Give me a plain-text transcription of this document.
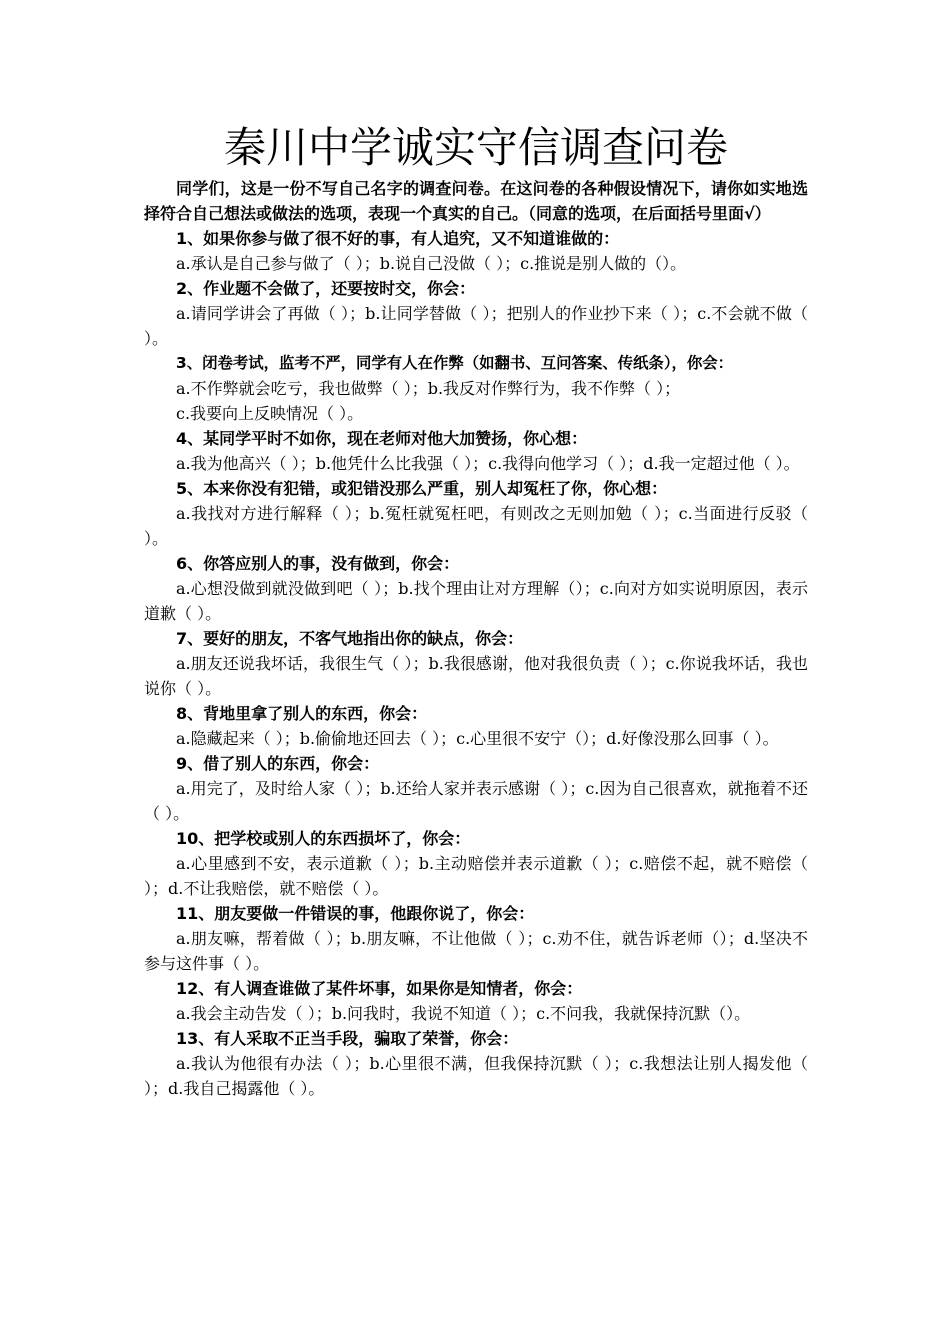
秦川中学诚实守信调查问卷

同学们，这是一份不写自己名字的调查问卷。在这问卷的各种假设情况下，请你如实地选择符合自己想法或做法的选项，表现一个真实的自己。（同意的选项，在后面括号里面√）

1、如果你参与做了很不好的事，有人追究，又不知道谁做的：

a.承认是自己参与做了（ ）；b.说自己没做（ ）；c.推说是别人做的（）。

2、作业题不会做了，还要按时交，你会：

a.请同学讲会了再做（ ）；b.让同学替做（ ）；把别人的作业抄下来（ ）；c.不会就不做（ ）。

3、闭卷考试，监考不严，同学有人在作弊（如翻书、互问答案、传纸条），你会：

a.不作弊就会吃亏，我也做弊（ ）；b.我反对作弊行为，我不作弊（ ）；

c.我要向上反映情况（ ）。

4、某同学平时不如你，现在老师对他大加赞扬，你心想：

a.我为他高兴（ ）；b.他凭什么比我强（ ）；c.我得向他学习（ ）；d.我一定超过他（ ）。

5、本来你没有犯错，或犯错没那么严重，别人却冤枉了你，你心想：

a.我找对方进行解释（ ）；b.冤枉就冤枉吧，有则改之无则加勉（ ）；c.当面进行反驳（ ）。

6、你答应别人的事，没有做到，你会：

a.心想没做到就没做到吧（ ）；b.找个理由让对方理解（）；c.向对方如实说明原因，表示道歉（ ）。

7、要好的朋友，不客气地指出你的缺点，你会：

a.朋友还说我坏话，我很生气（ ）；b.我很感谢，他对我很负责（ ）；c.你说我坏话，我也说你（ ）。

8、背地里拿了别人的东西，你会：

a.隐藏起来（ ）；b.偷偷地还回去（ ）；c.心里很不安宁（）；d.好像没那么回事（ ）。

9、借了别人的东西，你会：

a.用完了，及时给人家（ ）；b.还给人家并表示感谢（ ）；c.因为自己很喜欢，就拖着不还（ ）。

10、把学校或别人的东西损坏了，你会：

a.心里感到不安，表示道歉（ ）；b.主动赔偿并表示道歉（ ）；c.赔偿不起，就不赔偿（ ）；d.不让我赔偿，就不赔偿（ ）。

11、朋友要做一件错误的事，他跟你说了，你会：

a.朋友嘛，帮着做（ ）；b.朋友嘛，不让他做（ ）；c.劝不住，就告诉老师（）；d.坚决不参与这件事（ ）。

12、有人调查谁做了某件坏事，如果你是知情者，你会：

a.我会主动告发（ ）；b.问我时，我说不知道（ ）；c.不问我，我就保持沉默（）。

13、有人采取不正当手段，骗取了荣誉，你会：

a.我认为他很有办法（ ）；b.心里很不满，但我保持沉默（ ）；c.我想法让别人揭发他（ ）；d.我自己揭露他（ ）。
